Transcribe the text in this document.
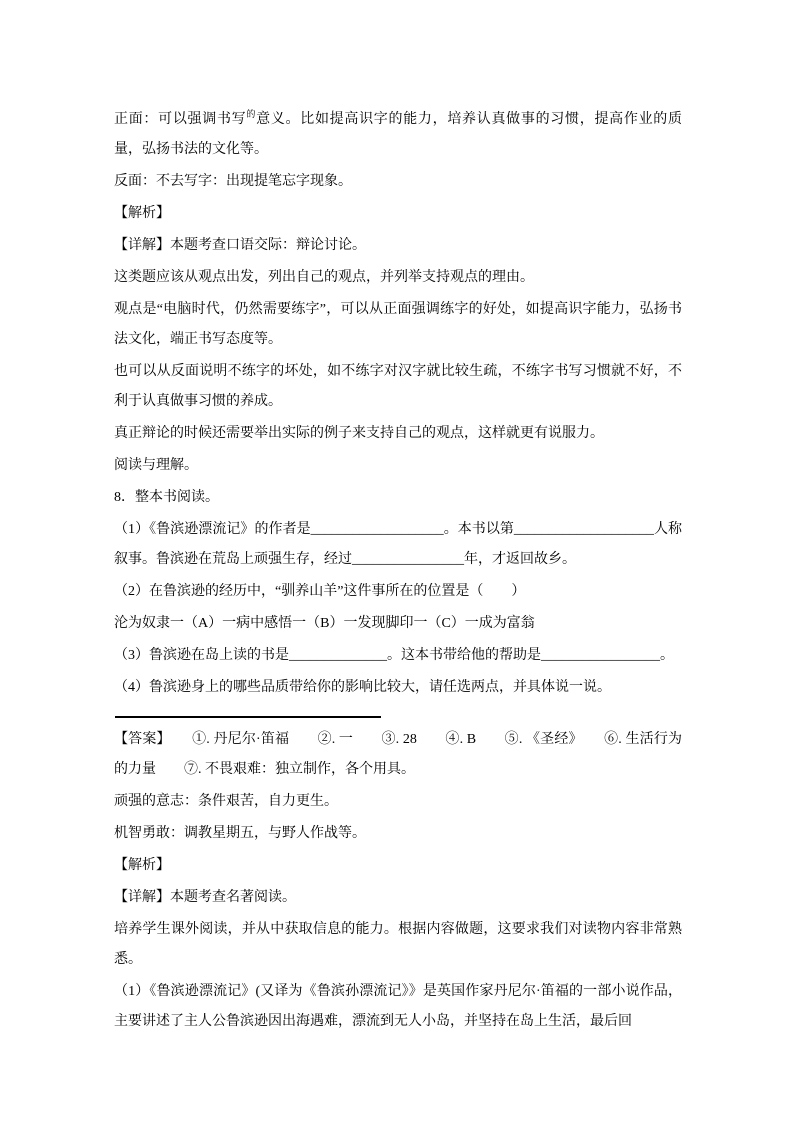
正面：可以强调书写$^的$意义。比如提高识字的能力，培养认真做事的习惯，提高作业的质量，弘扬书法的文化等。

反面：不去写字：出现提笔忘字现象。

【解析】

【详解】本题考查口语交际：辩论讨论。

这类题应该从观点出发，列出自己的观点，并列举支持观点的理由。

观点是“电脑时代，仍然需要练字”，可以从正面强调练字的好处，如提高识字能力，弘扬书法文化，端正书写态度等。

也可以从反面说明不练字的坏处，如不练字对汉字就比较生疏，不练字书写习惯就不好，不利于认真做事习惯的养成。

真正辩论的时候还需要举出实际的例子来支持自己的观点，这样就更有说服力。

阅读与理解。

8．整本书阅读。

（1）《鲁滨逊漂流记》的作者是___________________。本书以第____________________人称叙事。鲁滨逊在荒岛上顽强生存，经过________________年，才返回故乡。

（2）在鲁滨逊的经历中，“驯养山羊”这件事所在的位置是（　　）

沦为奴隶一（A）一病中感悟一（B）一发现脚印一（C）一成为富翁

（3）鲁滨逊在岛上读的书是______________。这本书带给他的帮助是_________________。

（4）鲁滨逊身上的哪些品质带给你的影响比较大，请任选两点，并具体说一说。

【答案】　　①. 丹尼尔·笛福　　②. 一　　③. 28　　④. B　　⑤. 《圣经》　　⑥. 生活行为的力量　　⑦. 不畏艰难：独立制作，各个用具。

顽强的意志：条件艰苦，自力更生。

机智勇敢：调教星期五，与野人作战等。

【解析】

【详解】本题考查名著阅读。

培养学生课外阅读，并从中获取信息的能力。根据内容做题，这要求我们对读物内容非常熟悉。

（1）《鲁滨逊漂流记》(又译为《鲁滨孙漂流记》》是英国作家丹尼尔·笛福的一部小说作品，主要讲述了主人公鲁滨逊因出海遇难，漂流到无人小岛，并坚持在岛上生活，最后回
